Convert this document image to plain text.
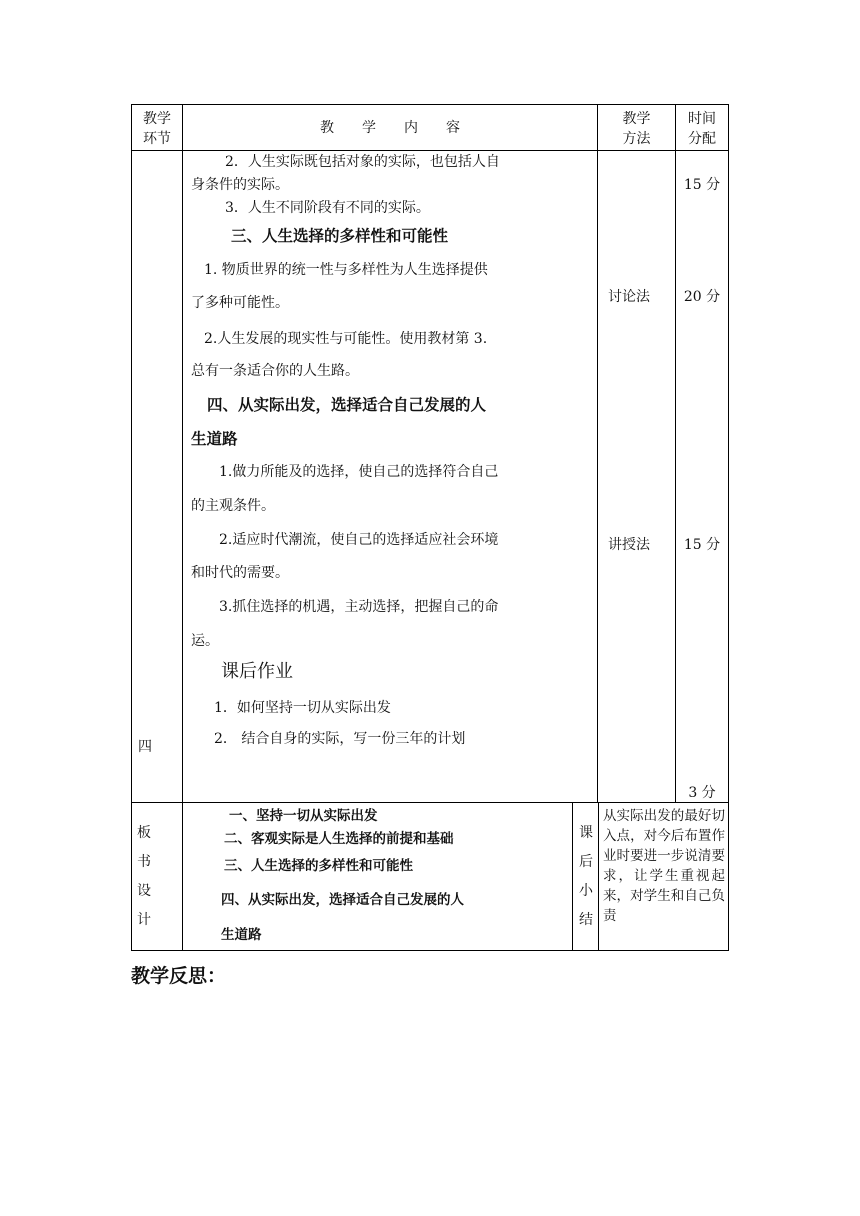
教学
环节
教　　学　　内　　容
教学
方法
时间
分配
四
2．人生实际既包括对象的实际，也包括人自
身条件的实际。
3．人生不同阶段有不同的实际。
三、人生选择的多样性和可能性
1. 物质世界的统一性与多样性为人生选择提供
了多种可能性。
2.人生发展的现实性与可能性。使用教材第 3.
总有一条适合你的人生路。
四、从实际出发，选择适合自己发展的人
生道路
1.做力所能及的选择，使自己的选择符合自己
的主观条件。
2.适应时代潮流，使自己的选择适应社会环境
和时代的需要。
3.抓住选择的机遇，主动选择，把握自己的命
运。
课后作业
1．如何坚持一切从实际出发
2． 结合自身的实际，写一份三年的计划
讨论法
讲授法
15 分
20 分
15 分
3 分
板
书
设
计
一、坚持一切从实际出发
二、客观实际是人生选择的前提和基础
三、人生选择的多样性和可能性
四、从实际出发，选择适合自己发展的人
生道路
课
后
小
结
从实际出发的最好切入点，对今后布置作业时要进一步说清要求，让学生重视起来，对学生和自己负责
教学反思：
